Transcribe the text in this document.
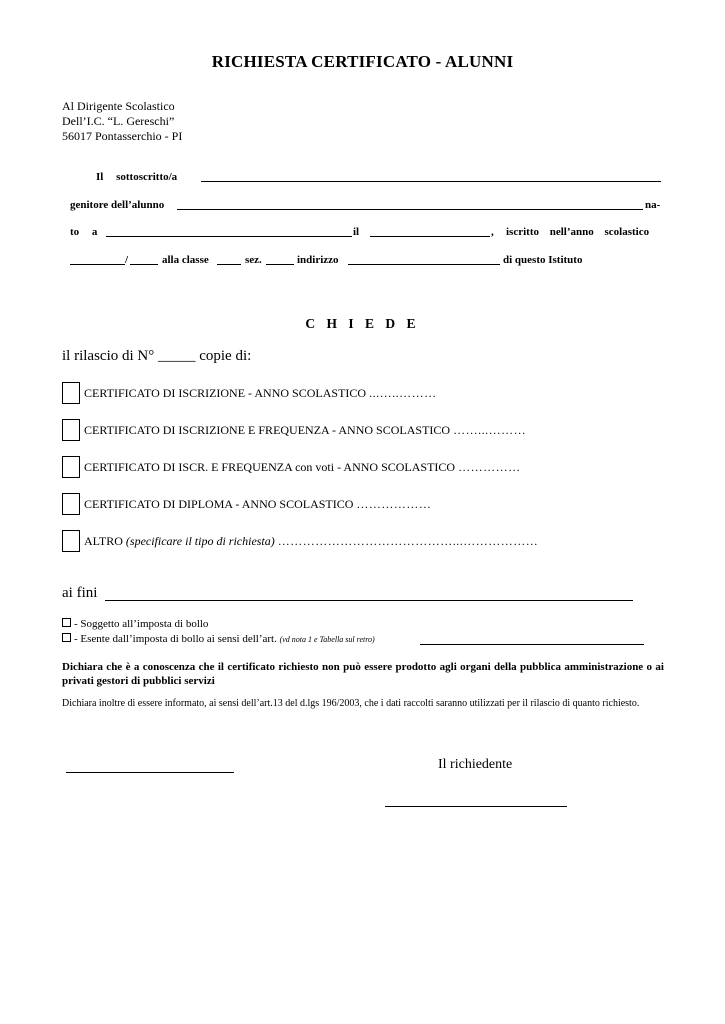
RICHIESTA CERTIFICATO - ALUNNI
Al Dirigente Scolastico
Dell’I.C. “L. Gereschi”
56017 Pontasserchio - PI
Il sottoscritto/a
genitore dell’alunno	na-
to a	il	, iscritto nell’anno scolastico
/	alla classe	sez.	indirizzo	di questo Istituto
C H I E D E
il rilascio di N° _____ copie di:
CERTIFICATO DI ISCRIZIONE - ANNO SCOLASTICO ...…..………
CERTIFICATO DI ISCRIZIONE E FREQUENZA - ANNO SCOLASTICO ……...………
CERTIFICATO DI ISCR. E FREQUENZA con voti - ANNO SCOLASTICO ……………
CERTIFICATO DI DIPLOMA - ANNO SCOLASTICO ………………
ALTRO (specificare il tipo di richiesta) ……………………………………...………………
ai fini
- Soggetto all’imposta di bollo
- Esente dall’imposta di bollo ai sensi dell’art. (vd nota 1 e Tabella sul retro)
Dichiara che è a conoscenza che il certificato richiesto non può essere prodotto agli organi della pubblica amministrazione o ai privati gestori di pubblici servizi
Dichiara inoltre di essere informato, ai sensi dell’art.13 del d.lgs 196/2003, che i dati raccolti saranno utilizzati per il rilascio di quanto richiesto.
Il richiedente
